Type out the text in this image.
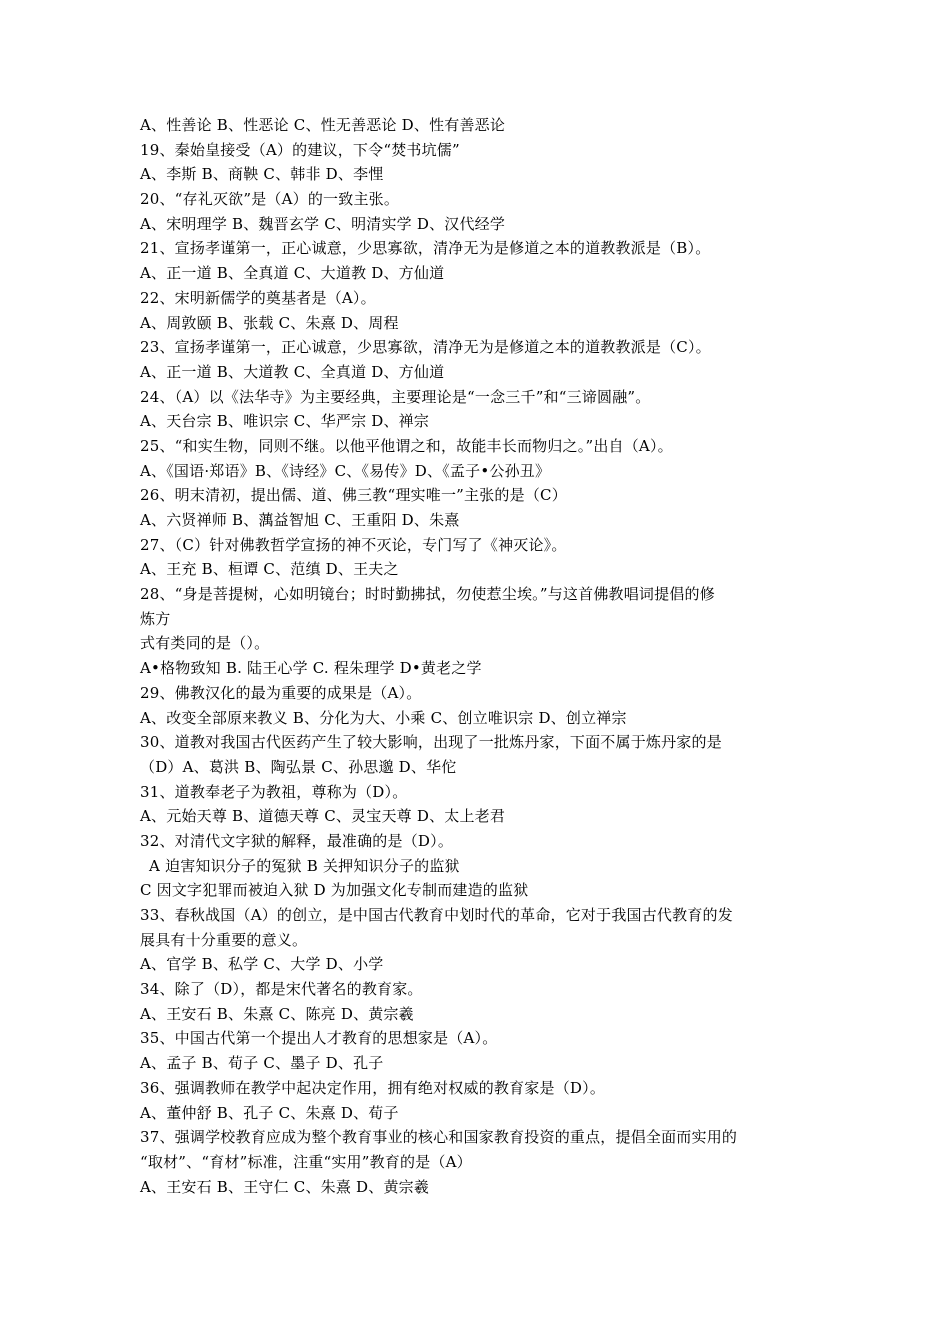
A、性善论 B、性恶论 C、性无善恶论 D、性有善恶论
19、秦始皇接受（A）的建议，下令“焚书坑儒”
A、李斯 B、商鞅 C、韩非 D、李悝
20、“存礼灭欲”是（A）的一致主张。
A、宋明理学 B、魏晋玄学 C、明清实学 D、汉代经学
21、宣扬孝谨第一，正心诚意，少思寡欲，清净无为是修道之本的道教教派是（B）。
A、正一道 B、全真道 C、大道教 D、方仙道
22、宋明新儒学的奠基者是（A）。
A、周敦颐 B、张载 C、朱熹 D、周程
23、宣扬孝谨第一，正心诚意，少思寡欲，清净无为是修道之本的道教教派是（C）。
A、正一道 B、大道教 C、全真道 D、方仙道
24、（A）以《法华寺》为主要经典，主要理论是“一念三千”和“三谛圆融”。
A、天台宗 B、唯识宗 C、华严宗 D、禅宗
25、“和实生物，同则不继。以他平他谓之和，故能丰长而物归之。”出自（A）。
A、《国语·郑语》B、《诗经》C、《易传》D、《孟子•公孙丑》
26、明末清初，提出儒、道、佛三教“理实唯一”主张的是（C）
A、六贤禅师 B、蕅益智旭 C、王重阳 D、朱熹
27、（C）针对佛教哲学宣扬的神不灭论，专门写了《神灭论》。
A、王充 B、桓谭 C、范缜 D、王夫之
28、“身是菩提树，心如明镜台；时时勤拂拭，勿使惹尘埃。”与这首佛教唱词提倡的修
炼方
式有类同的是（）。
A•格物致知 B. 陆王心学 C. 程朱理学 D•黄老之学
29、佛教汉化的最为重要的成果是（A）。
A、改变全部原来教义 B、分化为大、小乘 C、创立唯识宗 D、创立禅宗
30、道教对我国古代医药产生了较大影响，出现了一批炼丹家，下面不属于炼丹家的是
（D）A、葛洪 B、陶弘景 C、孙思邈 D、华佗
31、道教奉老子为教祖，尊称为（D）。
A、元始天尊 B、道德天尊 C、灵宝天尊 D、太上老君
32、对清代文字狱的解释，最准确的是（D）。
A 迫害知识分子的冤狱 B 关押知识分子的监狱
C 因文字犯罪而被迫入狱 D 为加强文化专制而建造的监狱
33、春秋战国（A）的创立，是中国古代教育中划时代的革命，它对于我国古代教育的发
展具有十分重要的意义。
A、官学 B、私学 C、大学 D、小学
34、除了（D），都是宋代著名的教育家。
A、王安石 B、朱熹 C、陈亮 D、黄宗羲
35、中国古代第一个提出人才教育的思想家是（A）。
A、孟子 B、荀子 C、墨子 D、孔子
36、强调教师在教学中起决定作用，拥有绝对权威的教育家是（D）。
A、董仲舒 B、孔子 C、朱熹 D、荀子
37、强调学校教育应成为整个教育事业的核心和国家教育投资的重点，提倡全面而实用的
“取材”、“育材”标准，注重“实用”教育的是（A）
A、王安石 B、王守仁 C、朱熹 D、黄宗羲
